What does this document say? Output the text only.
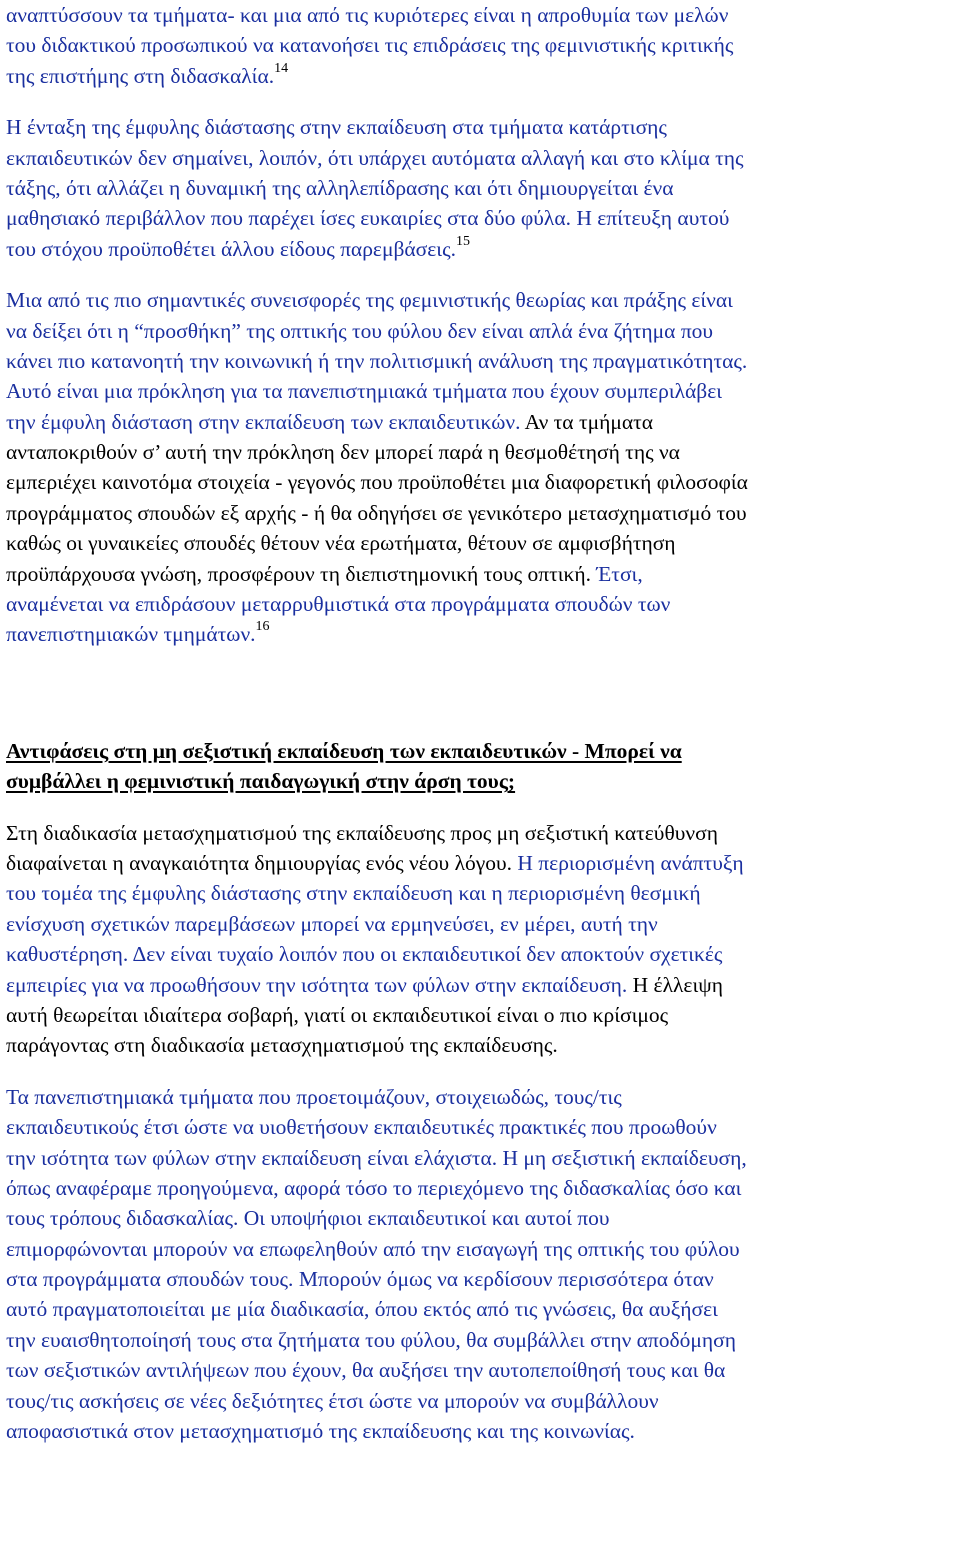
αναπτύσσουν τα τμήματα- και μια από τις κυριότερες είναι η απροθυμία των μελών
του διδακτικού προσωπικού να κατανοήσει τις επιδράσεις της φεμινιστικής κριτικής
της επιστήμης στη διδασκαλία.$^{14}$
Η ένταξη της έμφυλης διάστασης στην εκπαίδευση στα τμήματα κατάρτισης
εκπαιδευτικών δεν σημαίνει, λοιπόν, ότι υπάρχει αυτόματα αλλαγή και στο κλίμα της
τάξης, ότι αλλάζει η δυναμική της αλληλεπίδρασης και ότι δημιουργείται ένα
μαθησιακό περιβάλλον που παρέχει ίσες ευκαιρίες στα δύο φύλα. Η επίτευξη αυτού
του στόχου προϋποθέτει άλλου είδους παρεμβάσεις.$^{15}$
Μια από τις πιο σημαντικές συνεισφορές της φεμινιστικής θεωρίας και πράξης είναι
να δείξει ότι η “προσθήκη” της οπτικής του φύλου δεν είναι απλά ένα ζήτημα που
κάνει πιο κατανοητή την κοινωνική ή την πολιτισμική ανάλυση της πραγματικότητας.
Αυτό είναι μια πρόκληση για τα πανεπιστημιακά τμήματα που έχουν συμπεριλάβει
την έμφυλη διάσταση στην εκπαίδευση των εκπαιδευτικών. Αν τα τμήματα
ανταποκριθούν σ’ αυτή την πρόκληση δεν μπορεί παρά η θεσμοθέτησή της να
εμπεριέχει καινοτόμα στοιχεία - γεγονός που προϋποθέτει μια διαφορετική φιλοσοφία
προγράμματος σπουδών εξ αρχής - ή θα οδηγήσει σε γενικότερο μετασχηματισμό του
καθώς οι γυναικείες σπουδές θέτουν νέα ερωτήματα, θέτουν σε αμφισβήτηση
προϋπάρχουσα γνώση, προσφέρουν τη διεπιστημονική τους οπτική. Έτσι,
αναμένεται να επιδράσουν μεταρρυθμιστικά στα προγράμματα σπουδών των
πανεπιστημιακών τμημάτων.$^{16}$
Αντιφάσεις στη μη σεξιστική εκπαίδευση των εκπαιδευτικών - Μπορεί να
συμβάλλει η φεμινιστική παιδαγωγική στην άρση τους;
Στη διαδικασία μετασχηματισμού της εκπαίδευσης προς μη σεξιστική κατεύθυνση
διαφαίνεται η αναγκαιότητα δημιουργίας ενός νέου λόγου. Η περιορισμένη ανάπτυξη
του τομέα της έμφυλης διάστασης στην εκπαίδευση και η περιορισμένη θεσμική
ενίσχυση σχετικών παρεμβάσεων μπορεί να ερμηνεύσει, εν μέρει, αυτή την
καθυστέρηση. Δεν είναι τυχαίο λοιπόν που οι εκπαιδευτικοί δεν αποκτούν σχετικές
εμπειρίες για να προωθήσουν την ισότητα των φύλων στην εκπαίδευση. Η έλλειψη
αυτή θεωρείται ιδιαίτερα σοβαρή, γιατί οι εκπαιδευτικοί είναι ο πιο κρίσιμος
παράγοντας στη διαδικασία μετασχηματισμού της εκπαίδευσης.
Τα πανεπιστημιακά τμήματα που προετοιμάζουν, στοιχειωδώς, τους/τις
εκπαιδευτικούς έτσι ώστε να υιοθετήσουν εκπαιδευτικές πρακτικές που προωθούν
την ισότητα των φύλων στην εκπαίδευση είναι ελάχιστα. Η μη σεξιστική εκπαίδευση,
όπως αναφέραμε προηγούμενα, αφορά τόσο το περιεχόμενο της διδασκαλίας όσο και
τους τρόπους διδασκαλίας. Οι υποψήφιοι εκπαιδευτικοί και αυτοί που
επιμορφώνονται μπορούν να επωφεληθούν από την εισαγωγή της οπτικής του φύλου
στα προγράμματα σπουδών τους. Μπορούν όμως να κερδίσουν περισσότερα όταν
αυτό πραγματοποιείται με μία διαδικασία, όπου εκτός από τις γνώσεις, θα αυξήσει
την ευαισθητοποίησή τους στα ζητήματα του φύλου, θα συμβάλλει στην αποδόμηση
των σεξιστικών αντιλήψεων που έχουν, θα αυξήσει την αυτοπεποίθησή τους και θα
τους/τις ασκήσεις σε νέες δεξιότητες έτσι ώστε να μπορούν να συμβάλλουν
αποφασιστικά στον μετασχηματισμό της εκπαίδευσης και της κοινωνίας.
